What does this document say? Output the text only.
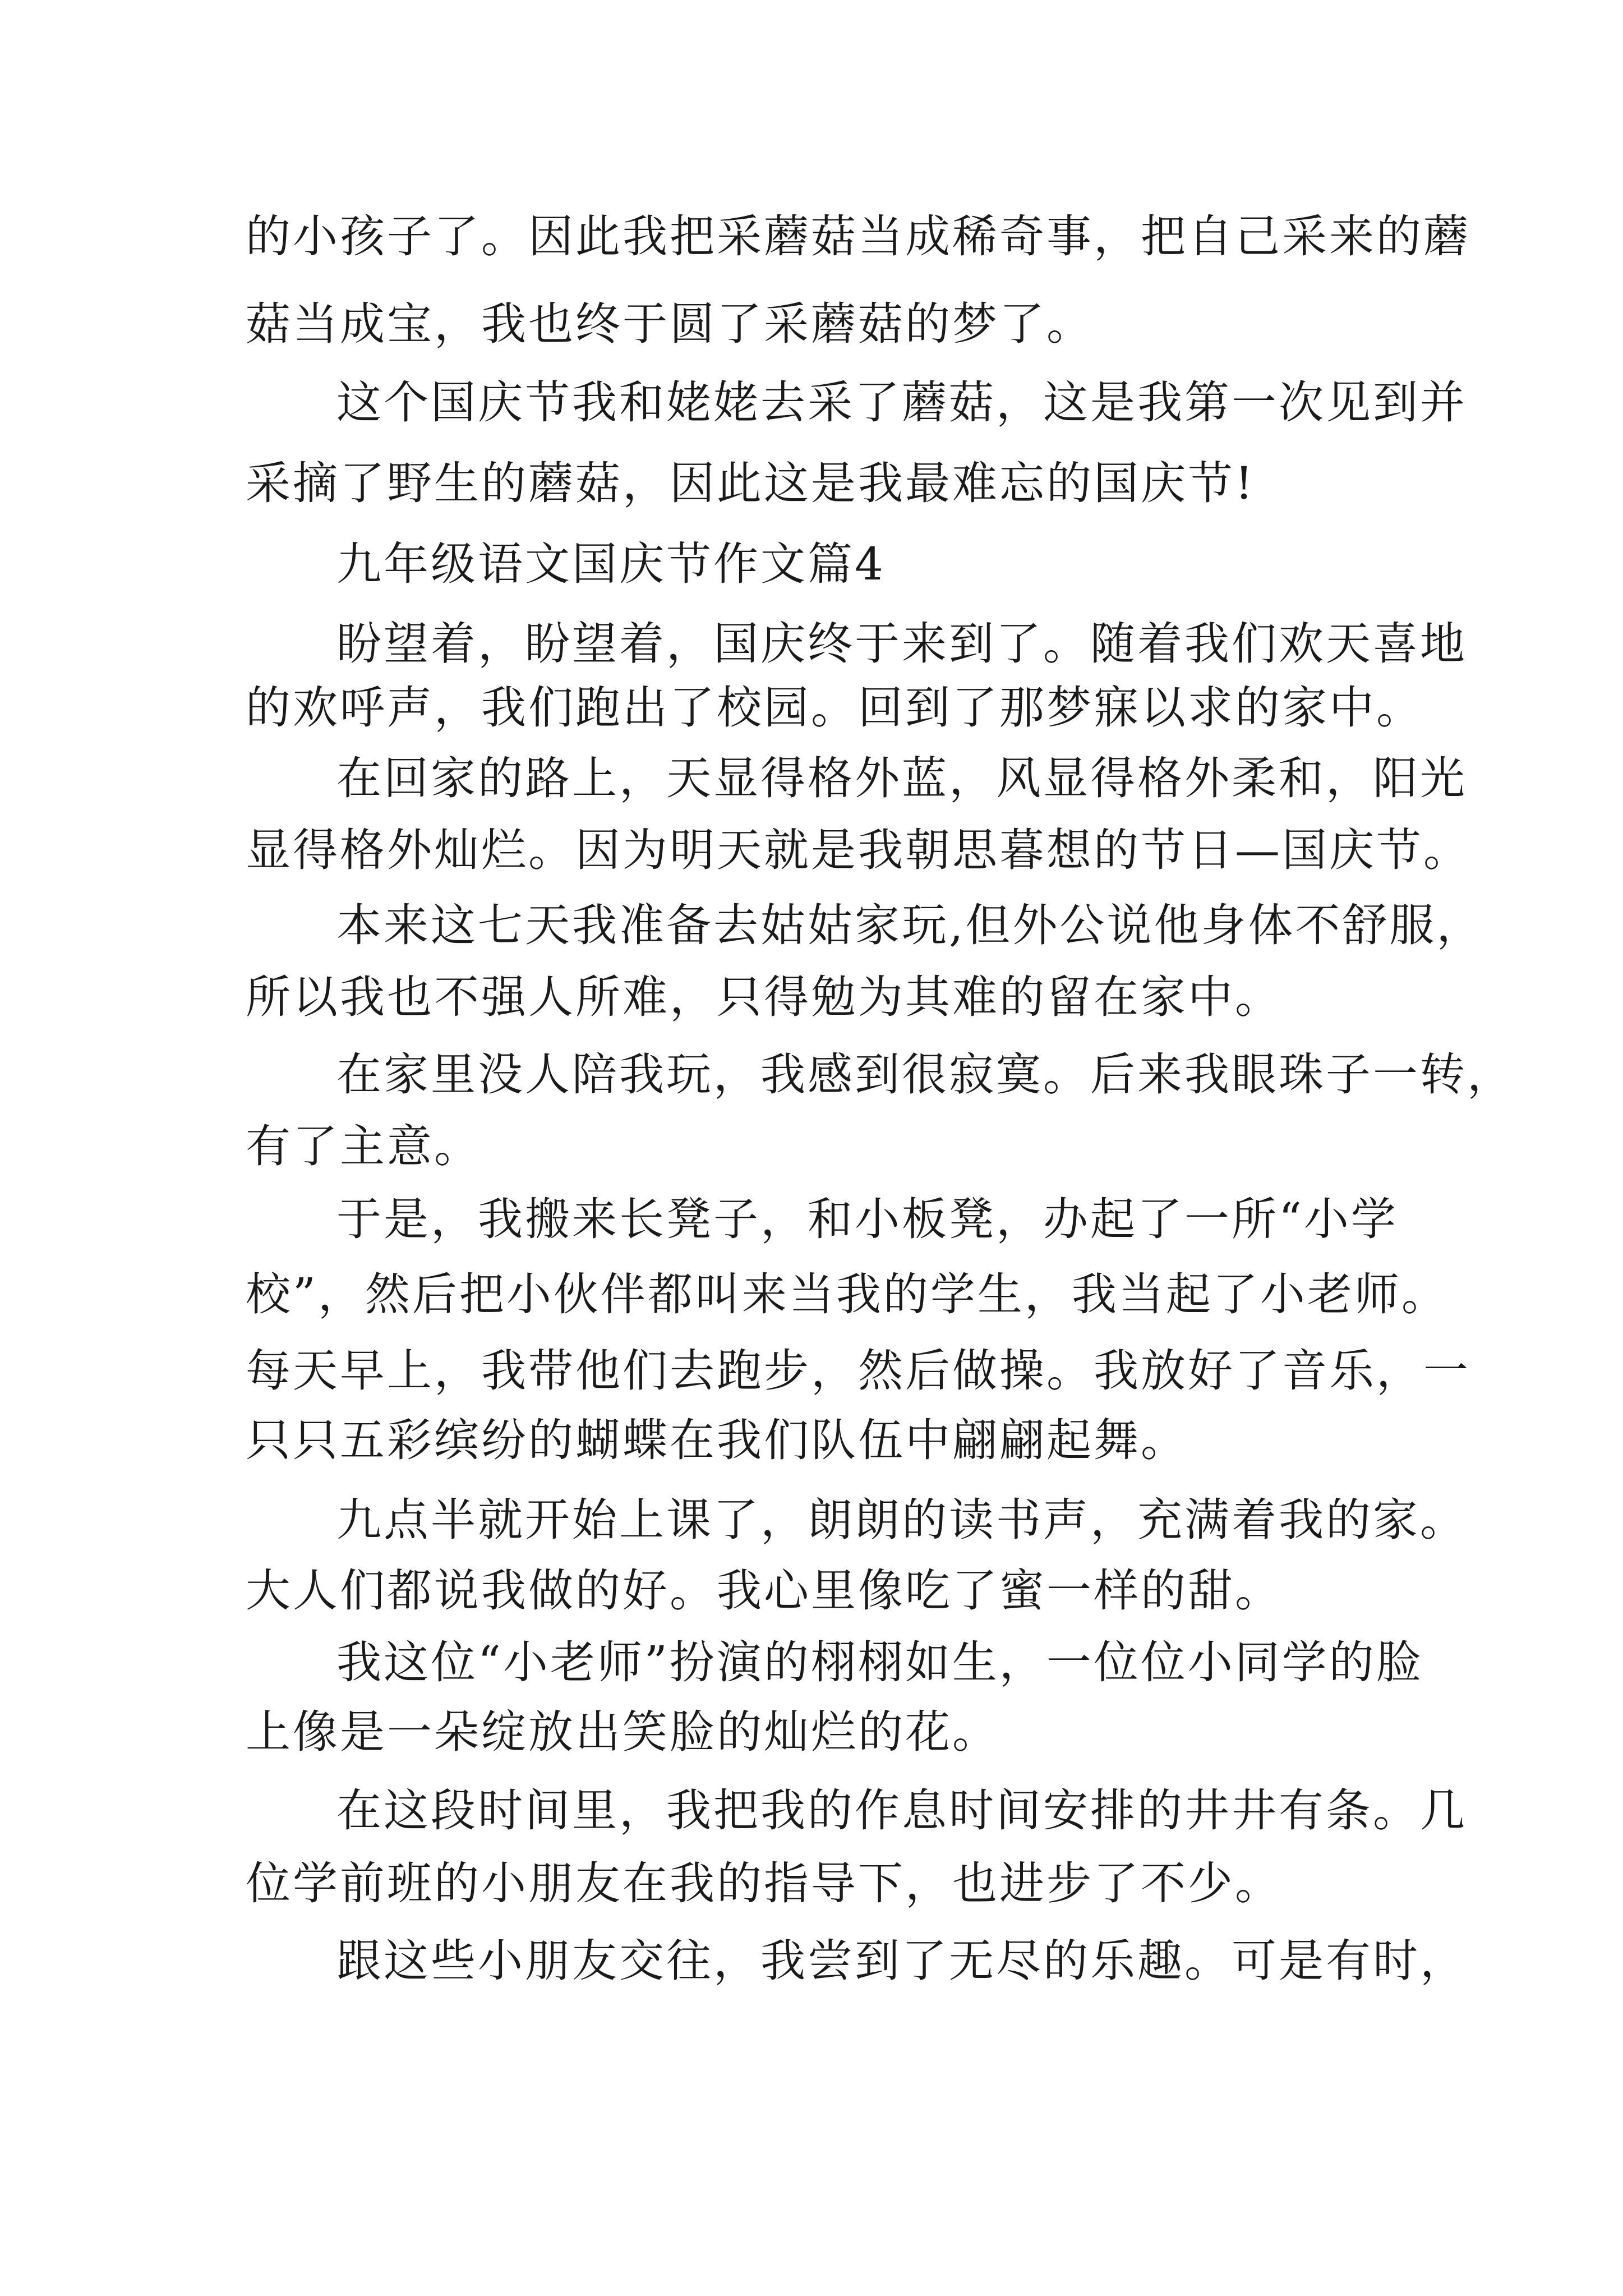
的小孩子了。因此我把采蘑菇当成稀奇事，把自己采来的蘑
菇当成宝，我也终于圆了采蘑菇的梦了。
这个国庆节我和姥姥去采了蘑菇，这是我第一次见到并
采摘了野生的蘑菇，因此这是我最难忘的国庆节!
九年级语文国庆节作文篇4
盼望着，盼望着，国庆终于来到了。随着我们欢天喜地
的欢呼声，我们跑出了校园。回到了那梦寐以求的家中。
在回家的路上，天显得格外蓝，风显得格外柔和，阳光
显得格外灿烂。因为明天就是我朝思暮想的节日—国庆节。
本来这七天我准备去姑姑家玩,但外公说他身体不舒服，
所以我也不强人所难，只得勉为其难的留在家中。
在家里没人陪我玩，我感到很寂寞。后来我眼珠子一转，
有了主意。
于是，我搬来长凳子，和小板凳，办起了一所“小学
校”，然后把小伙伴都叫来当我的学生，我当起了小老师。
每天早上，我带他们去跑步，然后做操。我放好了音乐，一
只只五彩缤纷的蝴蝶在我们队伍中翩翩起舞。
九点半就开始上课了，朗朗的读书声，充满着我的家。
大人们都说我做的好。我心里像吃了蜜一样的甜。
我这位“小老师”扮演的栩栩如生，一位位小同学的脸
上像是一朵绽放出笑脸的灿烂的花。
在这段时间里，我把我的作息时间安排的井井有条。几
位学前班的小朋友在我的指导下，也进步了不少。
跟这些小朋友交往，我尝到了无尽的乐趣。可是有时，
